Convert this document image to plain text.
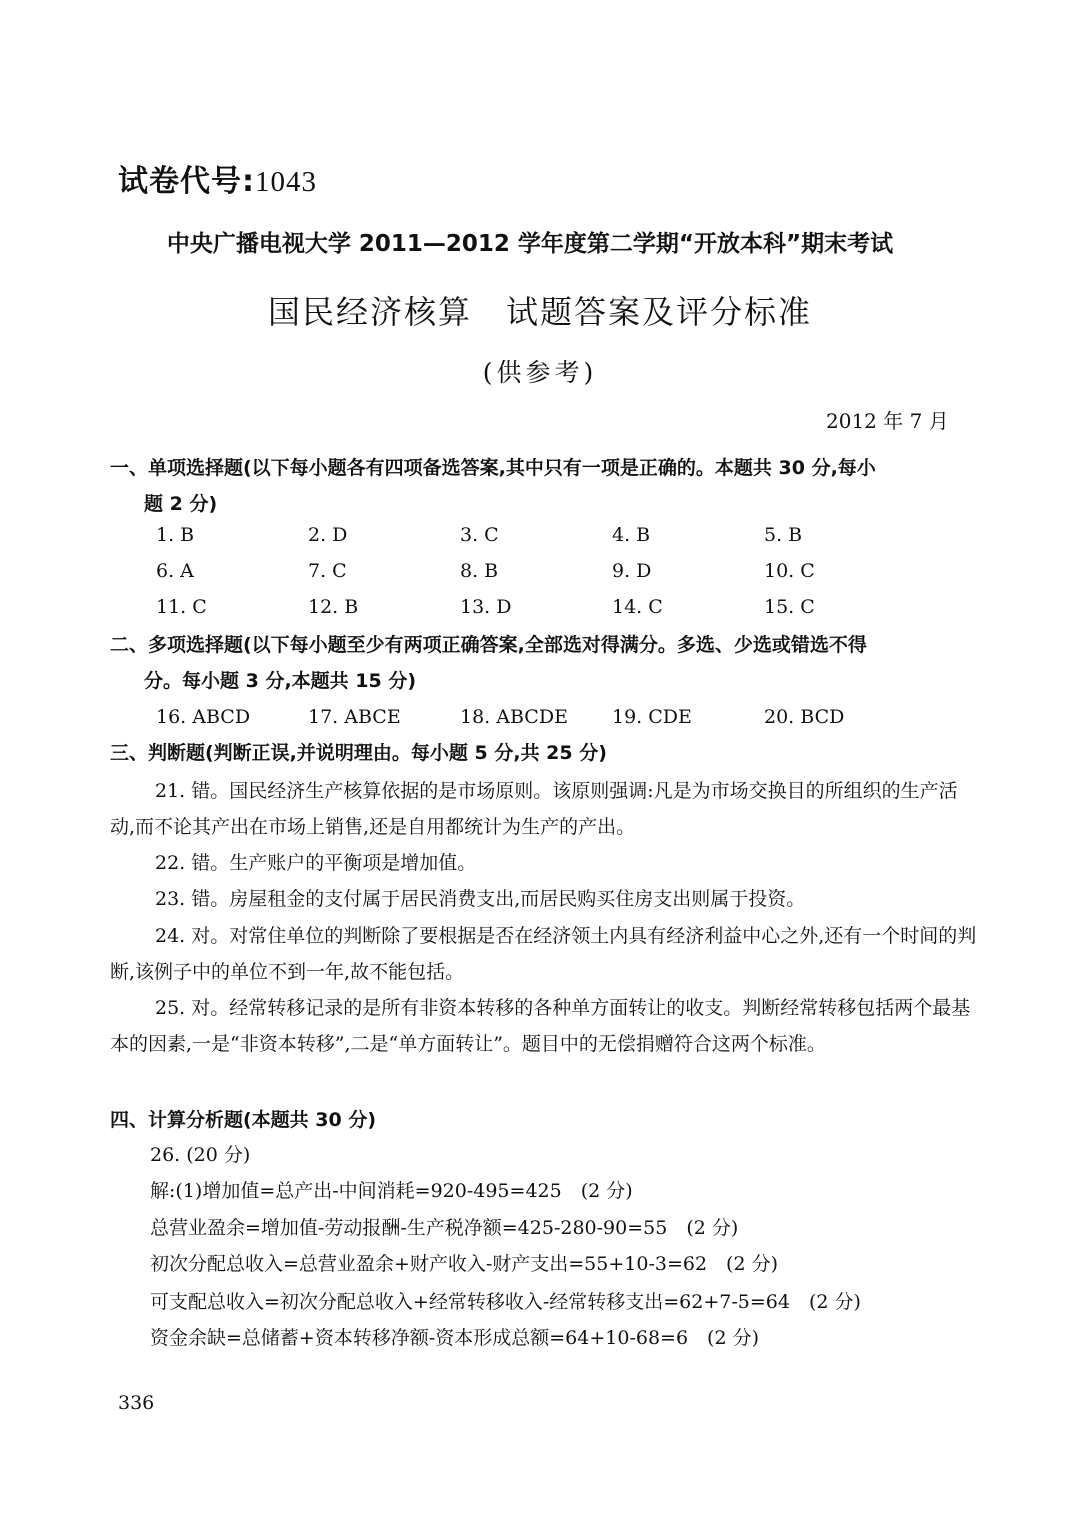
试卷代号:1043
中央广播电视大学 2011—2012 学年度第二学期“开放本科”期末考试
国民经济核算　试题答案及评分标准
(供参考)
2012 年 7 月
一、单项选择题(以下每小题各有四项备选答案,其中只有一项是正确的。本题共 30 分,每小
题 2 分)
1. B	2. D	3. C	4. B	5. B
6. A	7. C	8. B	9. D	10. C
11. C	12. B	13. D	14. C	15. C
二、多项选择题(以下每小题至少有两项正确答案,全部选对得满分。多选、少选或错选不得
分。每小题 3 分,本题共 15 分)
16. ABCD	17. ABCE	18. ABCDE 19. CDE	20. BCD
三、判断题(判断正误,并说明理由。每小题 5 分,共 25 分)
21. 错。国民经济生产核算依据的是市场原则。该原则强调:凡是为市场交换目的所组织的生产活动,而不论其产出在市场上销售,还是自用都统计为生产的产出。
22. 错。生产账户的平衡项是增加值。
23. 错。房屋租金的支付属于居民消费支出,而居民购买住房支出则属于投资。
24. 对。对常住单位的判断除了要根据是否在经济领土内具有经济利益中心之外,还有一个时间的判断,该例子中的单位不到一年,故不能包括。
25. 对。经常转移记录的是所有非资本转移的各种单方面转让的收支。判断经常转移包括两个最基本的因素,一是“非资本转移”,二是“单方面转让”。题目中的无偿捐赠符合这两个标准。
四、计算分析题(本题共 30 分)
26. (20 分)
解:(1)增加值=总产出-中间消耗=920-495=425　(2 分)
总营业盈余=增加值-劳动报酬-生产税净额=425-280-90=55　(2 分)
初次分配总收入=总营业盈余+财产收入-财产支出=55+10-3=62　(2 分)
可支配总收入=初次分配总收入+经常转移收入-经常转移支出=62+7-5=64　(2 分)
资金余缺=总储蓄+资本转移净额-资本形成总额=64+10-68=6　(2 分)
336
